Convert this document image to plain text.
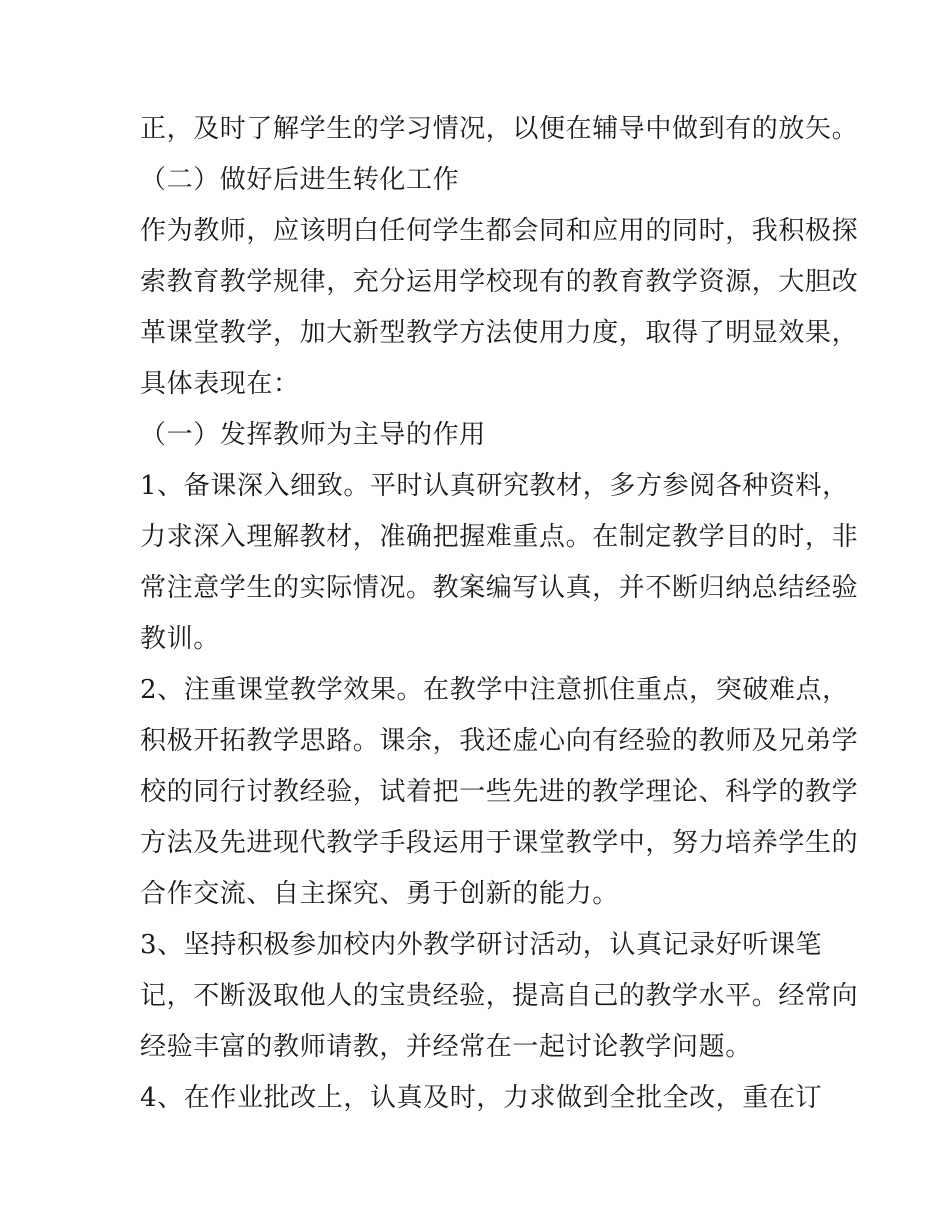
正，及时了解学生的学习情况，以便在辅导中做到有的放矢。
（二）做好后进生转化工作
作为教师，应该明白任何学生都会同和应用的同时，我积极探
索教育教学规律，充分运用学校现有的教育教学资源，大胆改
革课堂教学，加大新型教学方法使用力度，取得了明显效果，
具体表现在：
（一）发挥教师为主导的作用
1、备课深入细致。平时认真研究教材，多方参阅各种资料，
力求深入理解教材，准确把握难重点。在制定教学目的时，非
常注意学生的实际情况。教案编写认真，并不断归纳总结经验
教训。
2、注重课堂教学效果。在教学中注意抓住重点，突破难点，
积极开拓教学思路。课余，我还虚心向有经验的教师及兄弟学
校的同行讨教经验，试着把一些先进的教学理论、科学的教学
方法及先进现代教学手段运用于课堂教学中，努力培养学生的
合作交流、自主探究、勇于创新的能力。
3、坚持积极参加校内外教学研讨活动，认真记录好听课笔
记，不断汲取他人的宝贵经验，提高自己的教学水平。经常向
经验丰富的教师请教，并经常在一起讨论教学问题。
4、在作业批改上，认真及时，力求做到全批全改，重在订
